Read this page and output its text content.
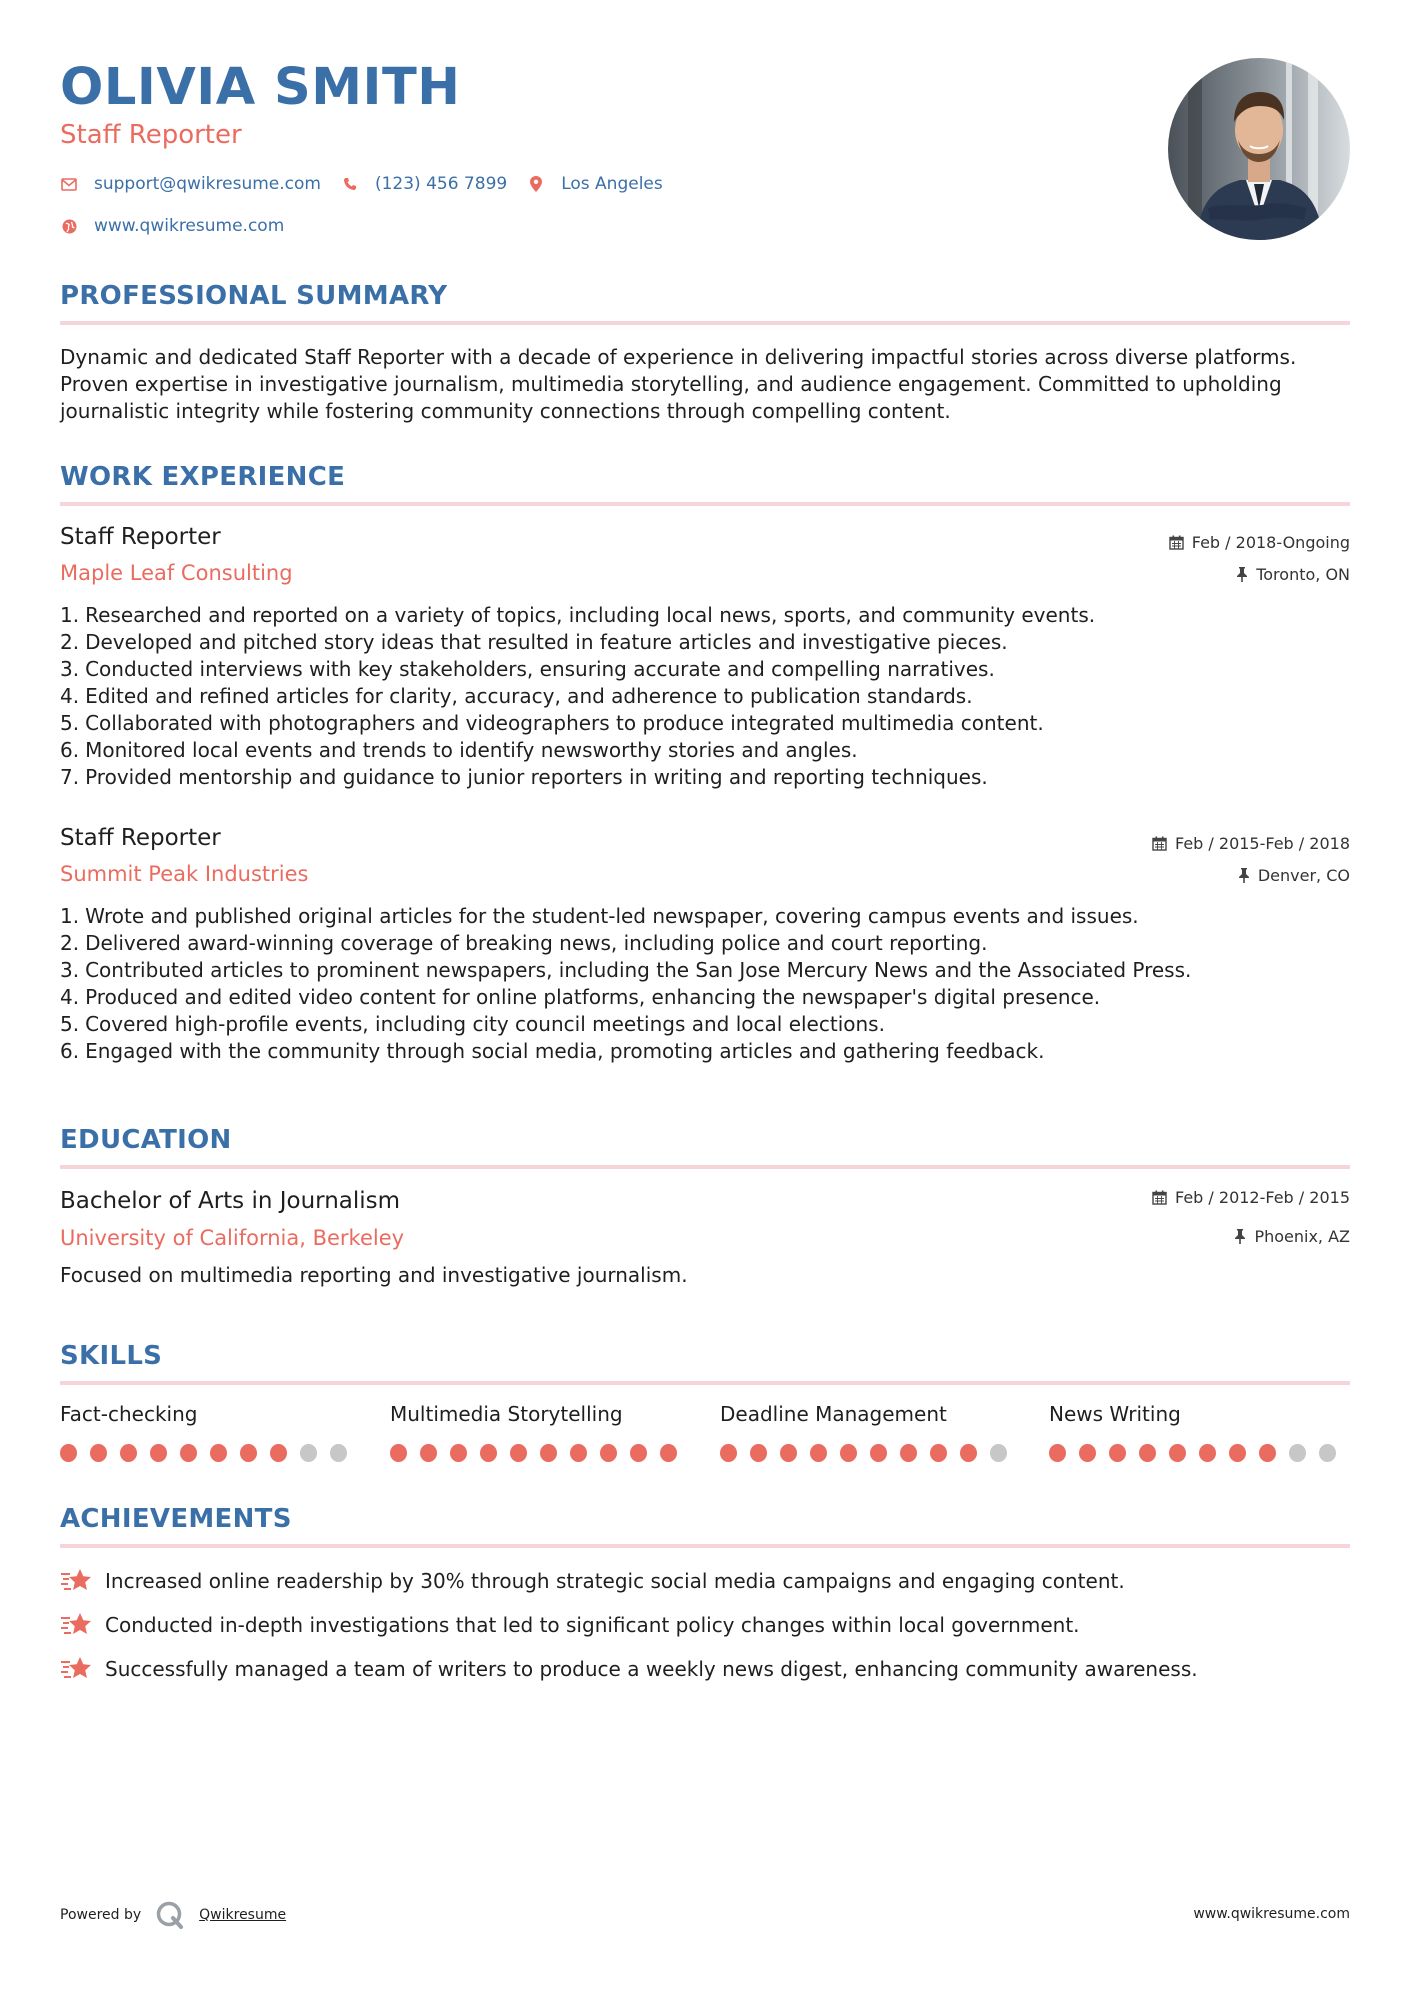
OLIVIA SMITH
Staff Reporter
support@qwikresume.com	(123) 456 7899	Los Angeles
www.qwikresume.com
PROFESSIONAL SUMMARY
Dynamic and dedicated Staff Reporter with a decade of experience in delivering impactful stories across diverse platforms.
Proven expertise in investigative journalism, multimedia storytelling, and audience engagement. Committed to upholding
journalistic integrity while fostering community connections through compelling content.
WORK EXPERIENCE
Staff Reporter
Maple Leaf Consulting
Feb / 2018-Ongoing
Toronto, ON
1. Researched and reported on a variety of topics, including local news, sports, and community events.
2. Developed and pitched story ideas that resulted in feature articles and investigative pieces.
3. Conducted interviews with key stakeholders, ensuring accurate and compelling narratives.
4. Edited and refined articles for clarity, accuracy, and adherence to publication standards.
5. Collaborated with photographers and videographers to produce integrated multimedia content.
6. Monitored local events and trends to identify newsworthy stories and angles.
7. Provided mentorship and guidance to junior reporters in writing and reporting techniques.
Staff Reporter
Summit Peak Industries
Feb / 2015-Feb / 2018
Denver, CO
1. Wrote and published original articles for the student-led newspaper, covering campus events and issues.
2. Delivered award-winning coverage of breaking news, including police and court reporting.
3. Contributed articles to prominent newspapers, including the San Jose Mercury News and the Associated Press.
4. Produced and edited video content for online platforms, enhancing the newspaper's digital presence.
5. Covered high-profile events, including city council meetings and local elections.
6. Engaged with the community through social media, promoting articles and gathering feedback.
EDUCATION
Bachelor of Arts in Journalism
University of California, Berkeley
Feb / 2012-Feb / 2015
Phoenix, AZ
Focused on multimedia reporting and investigative journalism.
SKILLS
Fact-checking	Multimedia Storytelling	Deadline Management	News Writing
ACHIEVEMENTS
Increased online readership by 30% through strategic social media campaigns and engaging content.
Conducted in-depth investigations that led to significant policy changes within local government.
Successfully managed a team of writers to produce a weekly news digest, enhancing community awareness.
Powered by	Qwikresume	www.qwikresume.com
